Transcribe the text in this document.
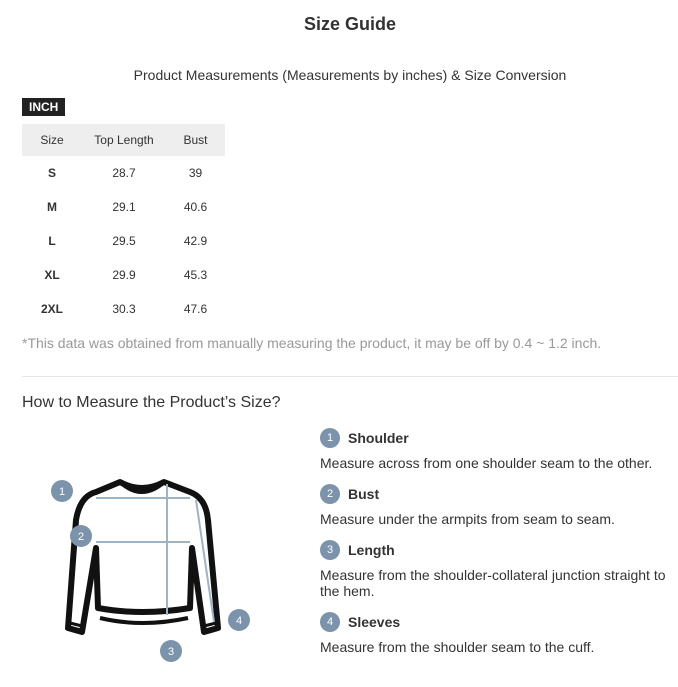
Size Guide
Product Measurements (Measurements by inches) & Size Conversion
INCH
Size	Top Length	Bust
S	28.7	39
M	29.1	40.6
L	29.5	42.9
XL	29.9	45.3
2XL	30.3	47.6
*This data was obtained from manually measuring the product, it may be off by 0.4 ~ 1.2 inch.
How to Measure the Product’s Size?
1
2
3
4
1	Shoulder
Measure across from one shoulder seam to the other.
2	Bust
Measure under the armpits from seam to seam.
3	Length
Measure from the shoulder-collateral junction straight to the hem.
4	Sleeves
Measure from the shoulder seam to the cuff.
